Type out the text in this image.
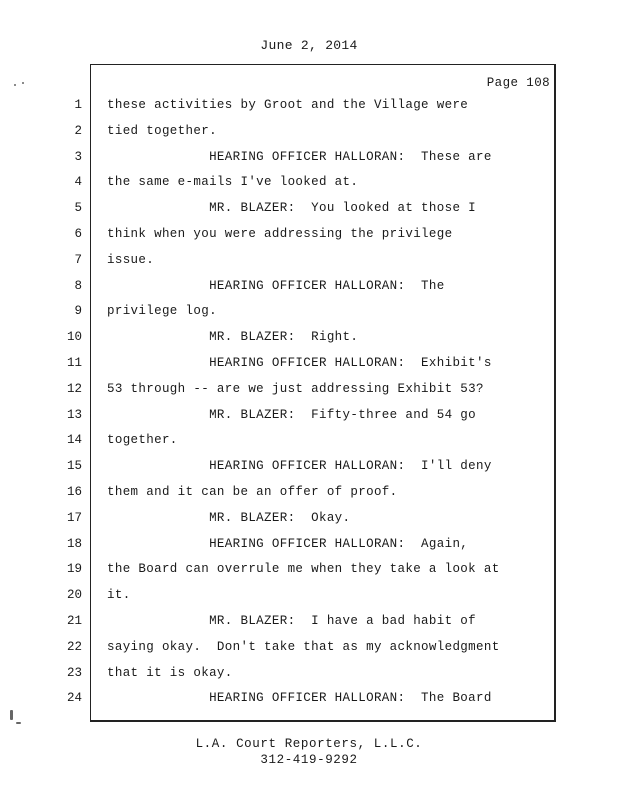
June 2, 2014
Page 108
1 these activities by Groot and the Village were
2 tied together.
3 HEARING OFFICER HALLORAN:  These are
4 the same e-mails I've looked at.
5 MR. BLAZER:  You looked at those I
6 think when you were addressing the privilege
7 issue.
8 HEARING OFFICER HALLORAN:  The
9 privilege log.
10 MR. BLAZER:  Right.
11 HEARING OFFICER HALLORAN:  Exhibit's
12 53 through -- are we just addressing Exhibit 53?
13 MR. BLAZER:  Fifty-three and 54 go
14 together.
15 HEARING OFFICER HALLORAN:  I'll deny
16 them and it can be an offer of proof.
17 MR. BLAZER:  Okay.
18 HEARING OFFICER HALLORAN:  Again,
19 the Board can overrule me when they take a look at
20 it.
21 MR. BLAZER:  I have a bad habit of
22 saying okay.  Don't take that as my acknowledgment
23 that it is okay.
24 HEARING OFFICER HALLORAN:  The Board
L.A. Court Reporters, L.L.C.
312-419-9292
